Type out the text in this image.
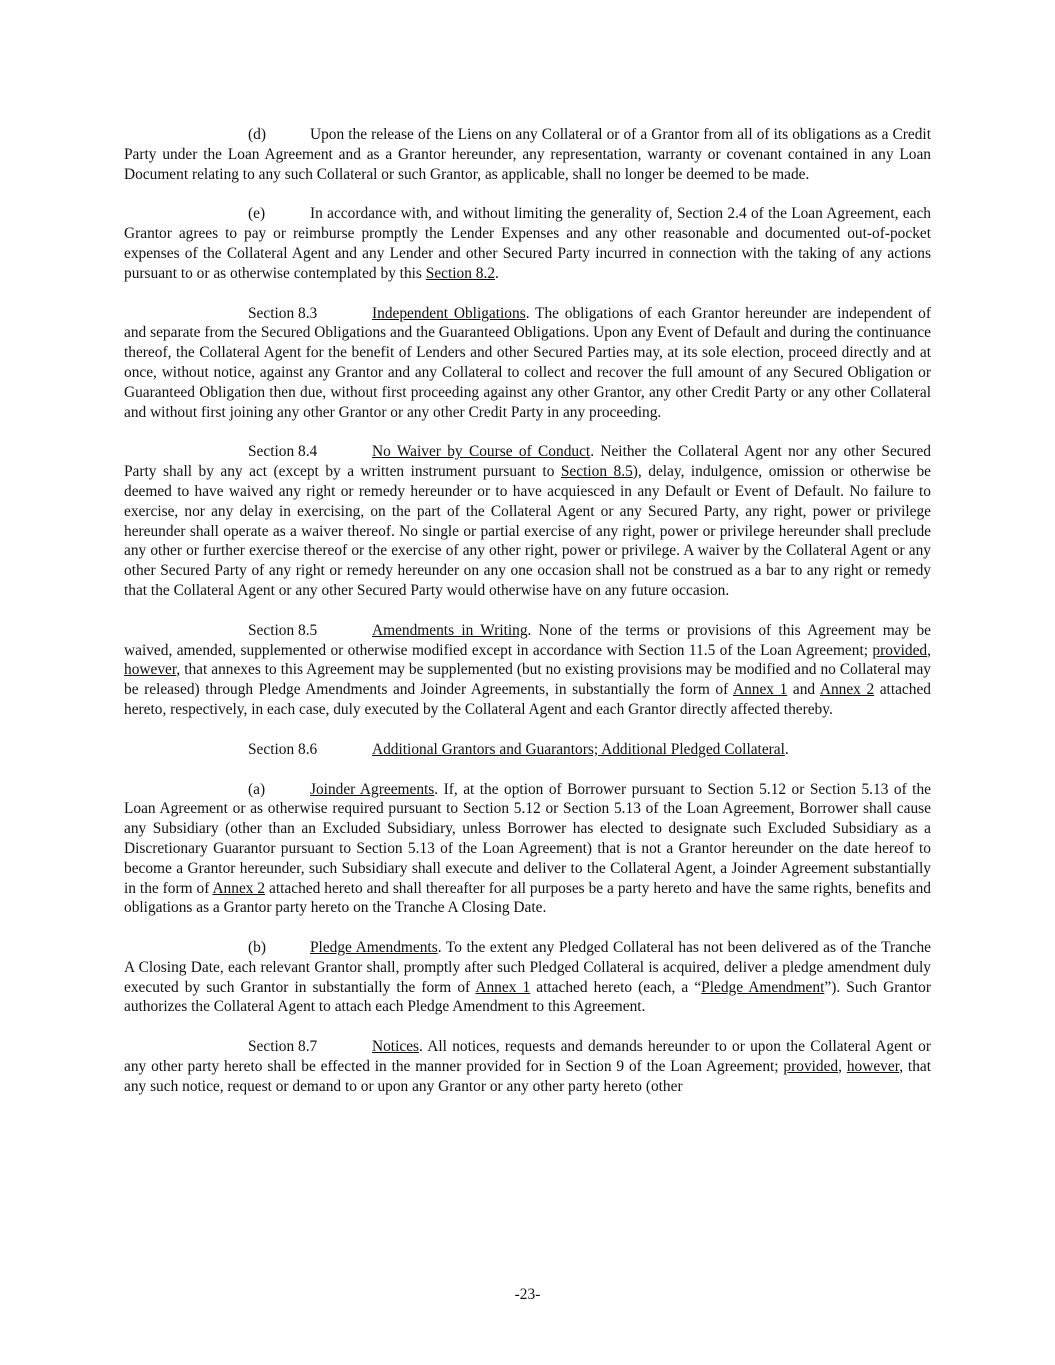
(d)	Upon the release of the Liens on any Collateral or of a Grantor from all of its obligations as a Credit Party under the Loan Agreement and as a Grantor hereunder, any representation, warranty or covenant contained in any Loan Document relating to any such Collateral or such Grantor, as applicable, shall no longer be deemed to be made.

(e)	In accordance with, and without limiting the generality of, Section 2.4 of the Loan Agreement, each Grantor agrees to pay or reimburse promptly the Lender Expenses and any other reasonable and documented out-of-pocket expenses of the Collateral Agent and any Lender and other Secured Party incurred in connection with the taking of any actions pursuant to or as otherwise contemplated by this Section 8.2.

Section 8.3	Independent Obligations. The obligations of each Grantor hereunder are independent of and separate from the Secured Obligations and the Guaranteed Obligations. Upon any Event of Default and during the continuance thereof, the Collateral Agent for the benefit of Lenders and other Secured Parties may, at its sole election, proceed directly and at once, without notice, against any Grantor and any Collateral to collect and recover the full amount of any Secured Obligation or Guaranteed Obligation then due, without first proceeding against any other Grantor, any other Credit Party or any other Collateral and without first joining any other Grantor or any other Credit Party in any proceeding.

Section 8.4	No Waiver by Course of Conduct. Neither the Collateral Agent nor any other Secured Party shall by any act (except by a written instrument pursuant to Section 8.5), delay, indulgence, omission or otherwise be deemed to have waived any right or remedy hereunder or to have acquiesced in any Default or Event of Default. No failure to exercise, nor any delay in exercising, on the part of the Collateral Agent or any Secured Party, any right, power or privilege hereunder shall operate as a waiver thereof. No single or partial exercise of any right, power or privilege hereunder shall preclude any other or further exercise thereof or the exercise of any other right, power or privilege. A waiver by the Collateral Agent or any other Secured Party of any right or remedy hereunder on any one occasion shall not be construed as a bar to any right or remedy that the Collateral Agent or any other Secured Party would otherwise have on any future occasion.

Section 8.5	Amendments in Writing. None of the terms or provisions of this Agreement may be waived, amended, supplemented or otherwise modified except in accordance with Section 11.5 of the Loan Agreement; provided, however, that annexes to this Agreement may be supplemented (but no existing provisions may be modified and no Collateral may be released) through Pledge Amendments and Joinder Agreements, in substantially the form of Annex 1 and Annex 2 attached hereto, respectively, in each case, duly executed by the Collateral Agent and each Grantor directly affected thereby.

Section 8.6	Additional Grantors and Guarantors; Additional Pledged Collateral.

(a)	Joinder Agreements. If, at the option of Borrower pursuant to Section 5.12 or Section 5.13 of the Loan Agreement or as otherwise required pursuant to Section 5.12 or Section 5.13 of the Loan Agreement, Borrower shall cause any Subsidiary (other than an Excluded Subsidiary, unless Borrower has elected to designate such Excluded Subsidiary as a Discretionary Guarantor pursuant to Section 5.13 of the Loan Agreement) that is not a Grantor hereunder on the date hereof to become a Grantor hereunder, such Subsidiary shall execute and deliver to the Collateral Agent, a Joinder Agreement substantially in the form of Annex 2 attached hereto and shall thereafter for all purposes be a party hereto and have the same rights, benefits and obligations as a Grantor party hereto on the Tranche A Closing Date.

(b)	Pledge Amendments. To the extent any Pledged Collateral has not been delivered as of the Tranche A Closing Date, each relevant Grantor shall, promptly after such Pledged Collateral is acquired, deliver a pledge amendment duly executed by such Grantor in substantially the form of Annex 1 attached hereto (each, a “Pledge Amendment”). Such Grantor authorizes the Collateral Agent to attach each Pledge Amendment to this Agreement.

Section 8.7	Notices. All notices, requests and demands hereunder to or upon the Collateral Agent or any other party hereto shall be effected in the manner provided for in Section 9 of the Loan Agreement; provided, however, that any such notice, request or demand to or upon any Grantor or any other party hereto (other

-23-
